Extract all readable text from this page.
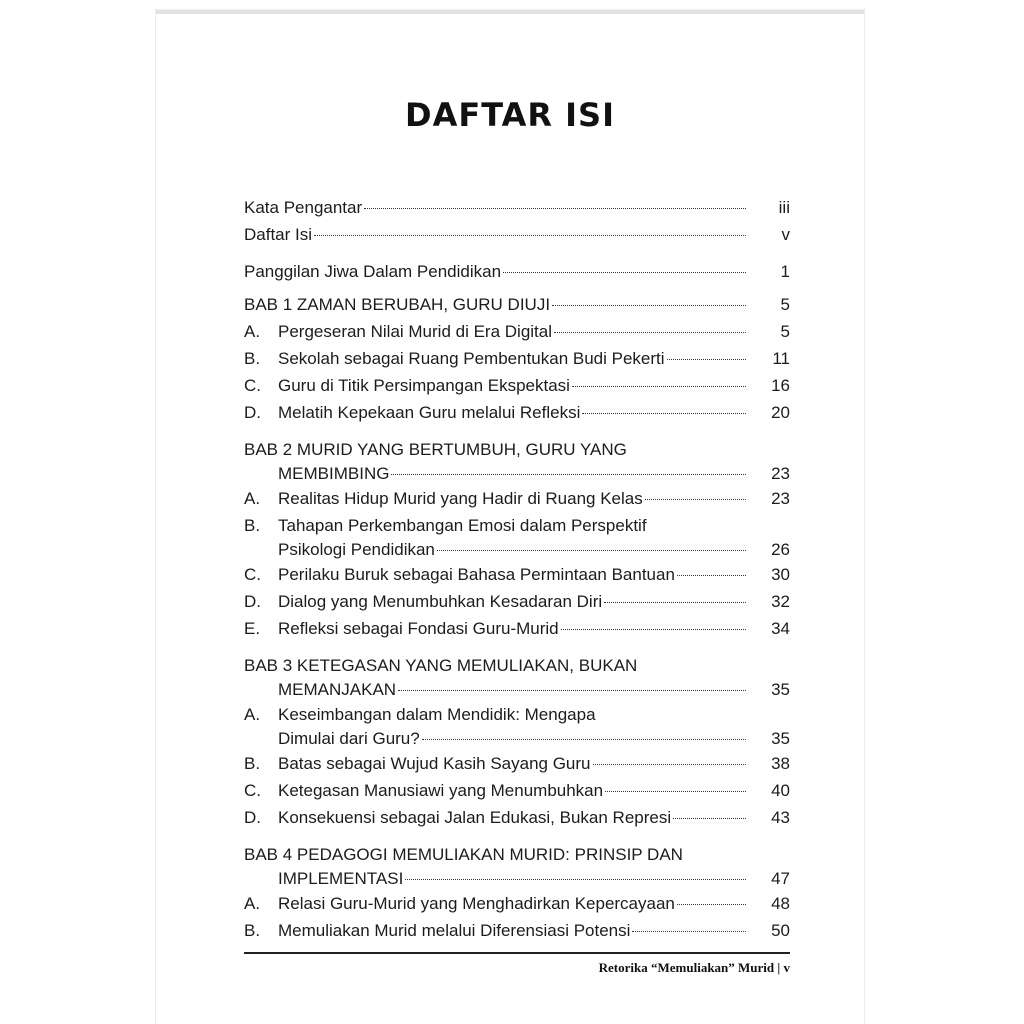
DAFTAR ISI
Kata Pengantar	iii
Daftar Isi	v
Panggilan Jiwa Dalam Pendidikan	1
BAB 1 ZAMAN BERUBAH, GURU DIUJI	5
A.	Pergeseran Nilai Murid di Era Digital	5
B.	Sekolah sebagai Ruang Pembentukan Budi Pekerti	11
C.	Guru di Titik Persimpangan Ekspektasi	16
D.	Melatih Kepekaan Guru melalui Refleksi	20
BAB 2 MURID YANG BERTUMBUH, GURU YANG
MEMBIMBING	23
A.	Realitas Hidup Murid yang Hadir di Ruang Kelas	23
B.	Tahapan Perkembangan Emosi dalam Perspektif
Psikologi Pendidikan	26
C.	Perilaku Buruk sebagai Bahasa Permintaan Bantuan	30
D.	Dialog yang Menumbuhkan Kesadaran Diri	32
E.	Refleksi sebagai Fondasi Guru-Murid	34
BAB 3 KETEGASAN YANG MEMULIAKAN, BUKAN
MEMANJAKAN	35
A.	Keseimbangan dalam Mendidik: Mengapa
Dimulai dari Guru?	35
B.	Batas sebagai Wujud Kasih Sayang Guru	38
C.	Ketegasan Manusiawi yang Menumbuhkan	40
D.	Konsekuensi sebagai Jalan Edukasi, Bukan Represi	43
BAB 4 PEDAGOGI MEMULIAKAN MURID: PRINSIP DAN
IMPLEMENTASI	47
A.	Relasi Guru-Murid yang Menghadirkan Kepercayaan	48
B.	Memuliakan Murid melalui Diferensiasi Potensi	50
Retorika “Memuliakan” Murid | v
